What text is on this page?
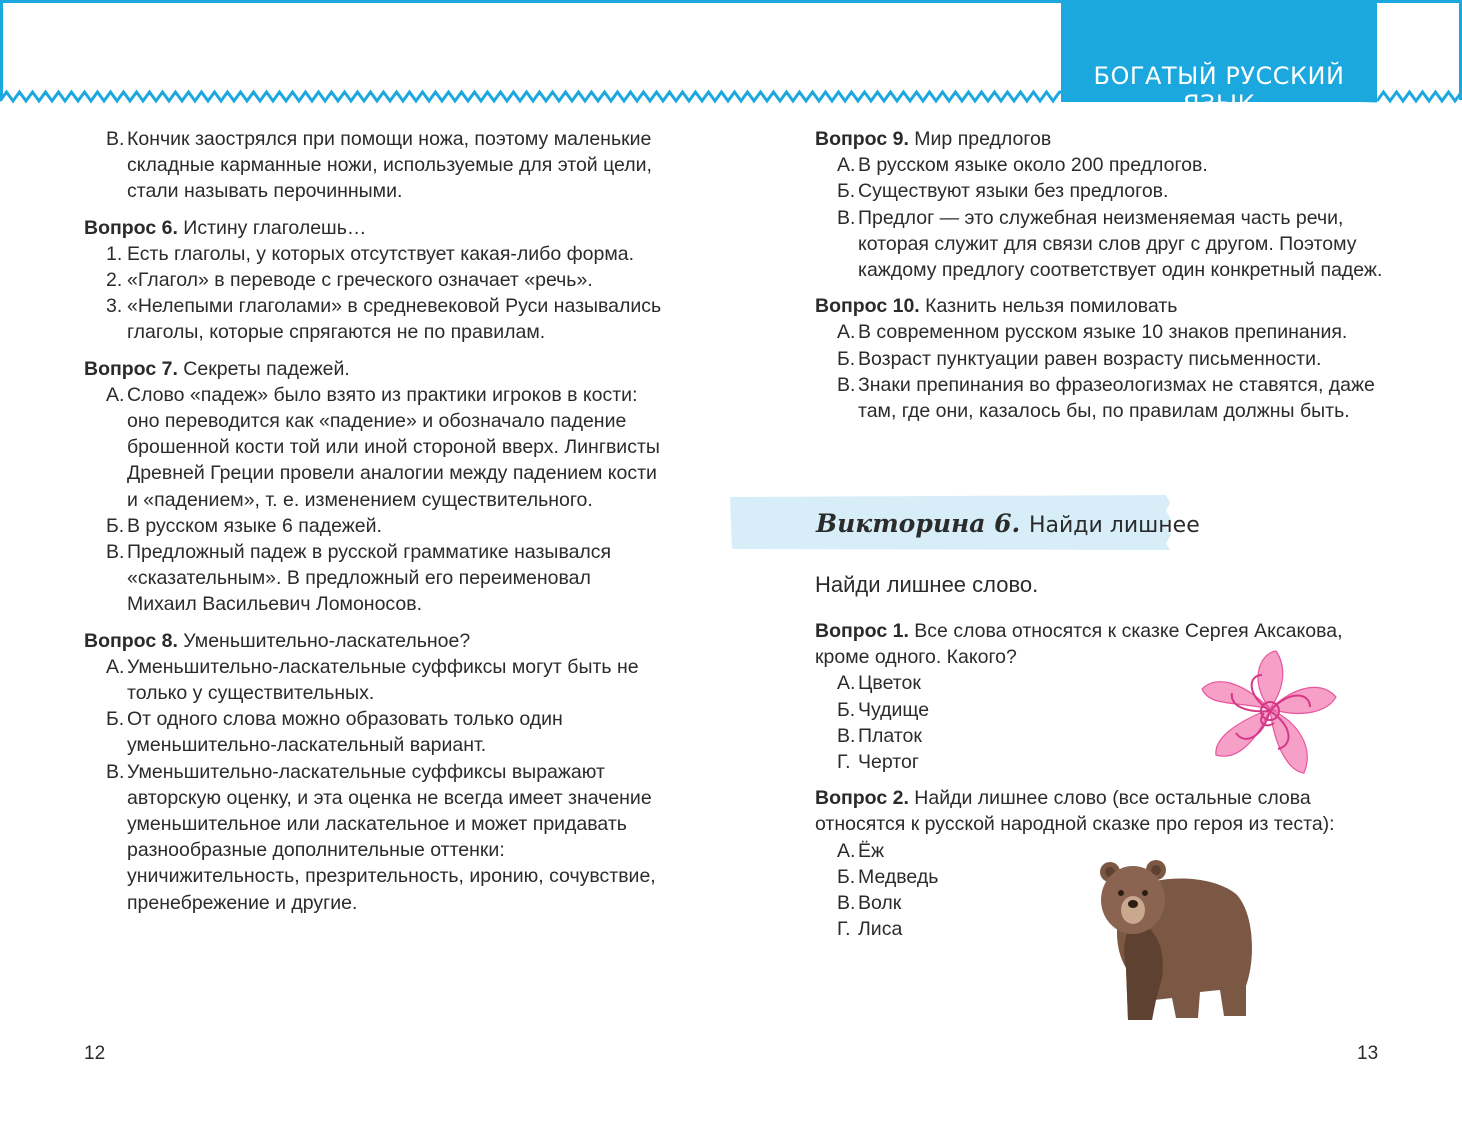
БОГАТЫЙ РУССКИЙ ЯЗЫК
В. Кончик заострялся при помощи ножа, поэтому маленькие складные карманные ножи, используемые для этой цели, стали называть перочинными.
Вопрос 6. Истину глаголешь…
1. Есть глаголы, у которых отсутствует какая-либо форма.
2. «Глагол» в переводе с греческого означает «речь».
3. «Нелепыми глаголами» в средневековой Руси назывались глаголы, которые спрягаются не по правилам.
Вопрос 7. Секреты падежей.
А. Слово «падеж» было взято из практики игроков в кости: оно переводится как «падение» и обозначало падение брошенной кости той или иной стороной вверх. Лингвисты Древней Греции провели аналогии между падением кости и «падением», т. е. изменением существительного.
Б. В русском языке 6 падежей.
В. Предложный падеж в русской грамматике назывался «сказательным». В предложный его переименовал Михаил Васильевич Ломоносов.
Вопрос 8. Уменьшительно-ласкательное?
А. Уменьшительно-ласкательные суффиксы могут быть не только у существительных.
Б. От одного слова можно образовать только один уменьшительно-ласкательный вариант.
В. Уменьшительно-ласкательные суффиксы выражают авторскую оценку, и эта оценка не всегда имеет значение уменьшительное или ласкательное и может придавать разнообразные дополнительные оттенки: уничижительность, презрительность, иронию, сочувствие, пренебрежение и другие.
12
Вопрос 9. Мир предлогов
А. В русском языке около 200 предлогов.
Б. Существуют языки без предлогов.
В. Предлог — это служебная неизменяемая часть речи, которая служит для связи слов друг с другом. Поэтому каждому предлогу соответствует один конкретный падеж.
Вопрос 10. Казнить нельзя помиловать
А. В современном русском языке 10 знаков препинания.
Б. Возраст пунктуации равен возрасту письменности.
В. Знаки препинания во фразеологизмах не ставятся, даже там, где они, казалось бы, по правилам должны быть.
Викторина 6. Найди лишнее
Найди лишнее слово.
Вопрос 1. Все слова относятся к сказке Сергея Аксакова, кроме одного. Какого?
А. Цветок
Б. Чудище
В. Платок
Г. Чертог
Вопрос 2. Найди лишнее слово (все остальные слова относятся к русской народной сказке про героя из теста):
А. Ёж
Б. Медведь
В. Волк
Г. Лиса
13
